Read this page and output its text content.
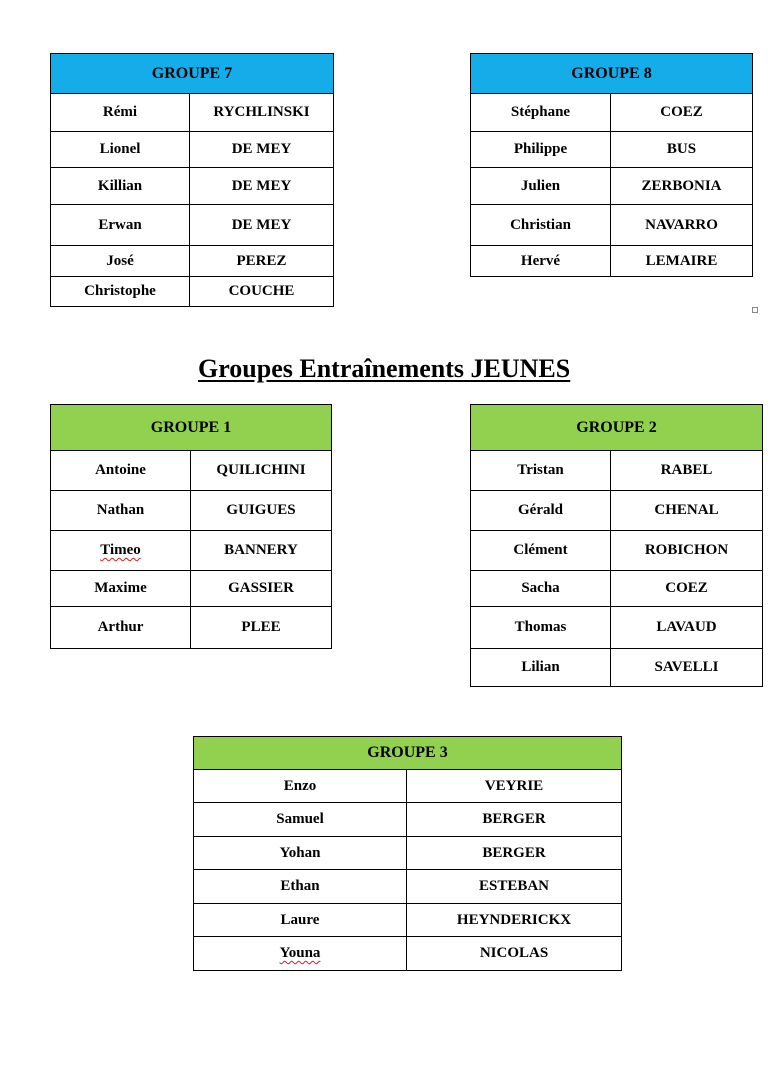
GROUPE 7	
Rémi	RYCHLINSKI
Lionel	DE MEY
Killian	DE MEY
Erwan	DE MEY
José	PEREZ
Christophe	COUCHE
GROUPE 8	
Stéphane	COEZ
Philippe	BUS
Julien	ZERBONIA
Christian	NAVARRO
Hervé	LEMAIRE
Groupes Entraînements JEUNES
GROUPE 1	
Antoine	QUILICHINI
Nathan	GUIGUES
Timeo	BANNERY
Maxime	GASSIER
Arthur	PLEE
GROUPE 2	
Tristan	RABEL
Gérald	CHENAL
Clément	ROBICHON
Sacha	COEZ
Thomas	LAVAUD
Lilian	SAVELLI
GROUPE 3	
Enzo	VEYRIE
Samuel	BERGER
Yohan	BERGER
Ethan	ESTEBAN
Laure	HEYNDERICKX
Youna	NICOLAS
